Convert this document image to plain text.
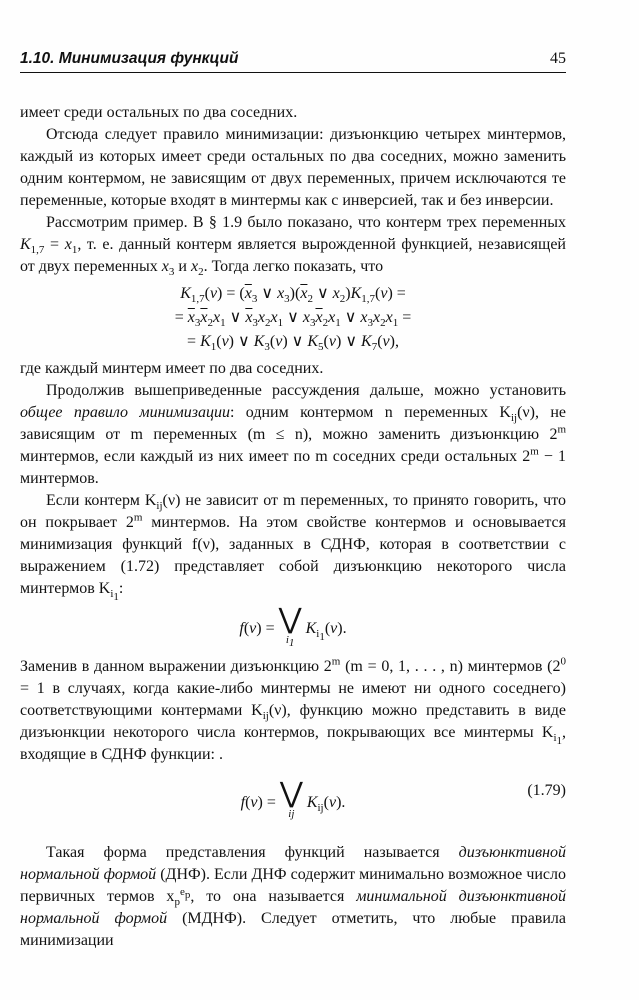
1.10. Минимизация функций	45

имеет среди остальных по два соседних.

Отсюда следует правило минимизации: дизъюнкцию четырех минтермов, каждый из которых имеет среди остальных по два соседних, можно заменить одним контермом, не зависящим от двух переменных, причем исключаются те переменные, которые входят в минтермы как с инверсией, так и без инверсии.

Рассмотрим пример. В § 1.9 было показано, что контерм трех переменных $K_{1,7} = x_1$, т. е. данный контерм является вырожденной функцией, независящей от двух переменных $x_3$ и $x_2$. Тогда легко показать, что

$K_{1,7}(\nu) = (\overline{x}_3$ ∨ $x_3)(\overline{x}_2$ ∨ $x_2)K_{1,7}(\nu)$ =
= $\overline{x}_3\overline{x}_2x_1$ ∨ $\overline{x}_3x_2x_1$ ∨ $x_3\overline{x}_2x_1$ ∨ $x_3x_2x_1$ =
= $K_1(\nu)$ ∨ $K_3(\nu)$ ∨ $K_5(\nu)$ ∨ $K_7(\nu)$,

где каждый минтерм имеет по два соседних.

Продолжив вышеприведенные рассуждения дальше, можно установить общее правило минимизации: одним контермом n переменных $K_{ij}(\nu)$, не зависящим от m переменных (m ≤ n), можно заменить дизъюнкцию 2$^m$ минтермов, если каждый из них имеет по m соседних среди остальных $2^m - 1$ минтермов.

Если контерм $K_{ij}(\nu)$ не зависит от m переменных, то принято говорить, что он покрывает 2$^m$ минтермов. На этом свойстве контермов и основывается минимизация функций f(ν), заданных в СДНФ, которая в соответствии с выражением (1.72) представляет собой дизъюнкцию некоторого числа минтермов $K_{i_1}$:

f(ν) = ⋁
$i_1$
$K_{i_1}(\nu)$.

Заменив в данном выражении дизъюнкцию 2$^m$ (m = 0, 1, . . . , n) минтермов ($2^0 = 1$ в случаях, когда какие-либо минтермы не имеют ни одного соседнего) соответствующими контермами $K_{ij}(\nu)$, функцию можно представить в виде дизъюнкции некоторого числа контермов, покрывающих все минтермы $K_{i_1}$, входящие в СДНФ функции: .

f(ν) = ⋁
ij
$K_{ij}(\nu)$.
(1.79)

Такая форма представления функций называется дизъюнктивной нормальной формой (ДНФ). Если ДНФ содержит минимально возможное число первичных термов $x_p^{e_p}$, то она называется минимальной дизъюнктивной нормальной формой (МДНФ). Следует отметить, что любые правила минимизации
